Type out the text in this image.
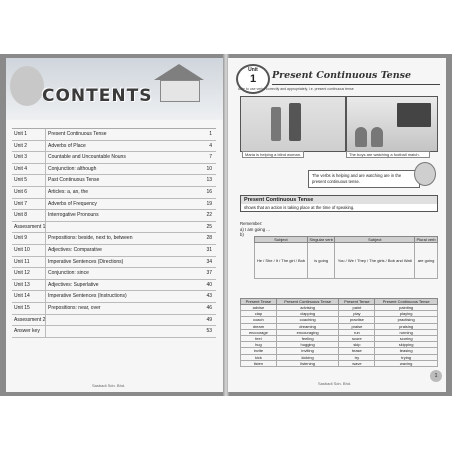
CONTENTS
Unit 1	Present Continuous Tense	1
Unit 2	Adverbs of Place	4
Unit 3	Countable and Uncountable Nouns	7
Unit 4	Conjunction: although	10
Unit 5	Past Continuous Tense	13
Unit 6	Articles: a, an, the	16
Unit 7	Adverbs of Frequency	19
Unit 8	Interrogative Pronouns	22
Assessment 1	25
Unit 9	Prepositions: beside, next to, between	28
Unit 10	Adjectives: Comparative	31
Unit 11	Imperative Sentences (Directions)	34
Unit 12	Conjunction: since	37
Unit 13	Adjectives: Superlative	40
Unit 14	Imperative Sentences (Instructions)	43
Unit 15	Prepositions: near, over	46
Assessment 2	49
Answer key	53
Unit
1	Present Continuous Tense
Able to use verbs correctly and appropriately, i.e. present continuous tense
Maria is helping a blind woman.	The boys are watching a football match.
The verbs is helping and are watching are in the present continuous tense.
Present Continuous Tense
shows that an action is taking place at the time of speaking.
Remember:
a) I am going ...
b)
Subject	Singular verb	Subject	Plural verb
He / She / It / The girl / Bob	is going	You / We / They / The girls / Bob and Wati	are going
Present Tense	Present Continuous Tense	Present Tense	Present Continuous Tense
advise	advising	paint	painting
clap	clapping	play	playing
coach	coaching	practise	practising
dream	dreaming	praise	praising
encourage	encouraging	run	running
feel	feeling	score	scoring
hug	hugging	skip	skipping
invite	inviting	tease	teasing
kick	kicking	try	trying
listen	listening	wave	waving
Sasbadi Sdn. Bhd.
1
Sasbadi Sdn. Bhd.
